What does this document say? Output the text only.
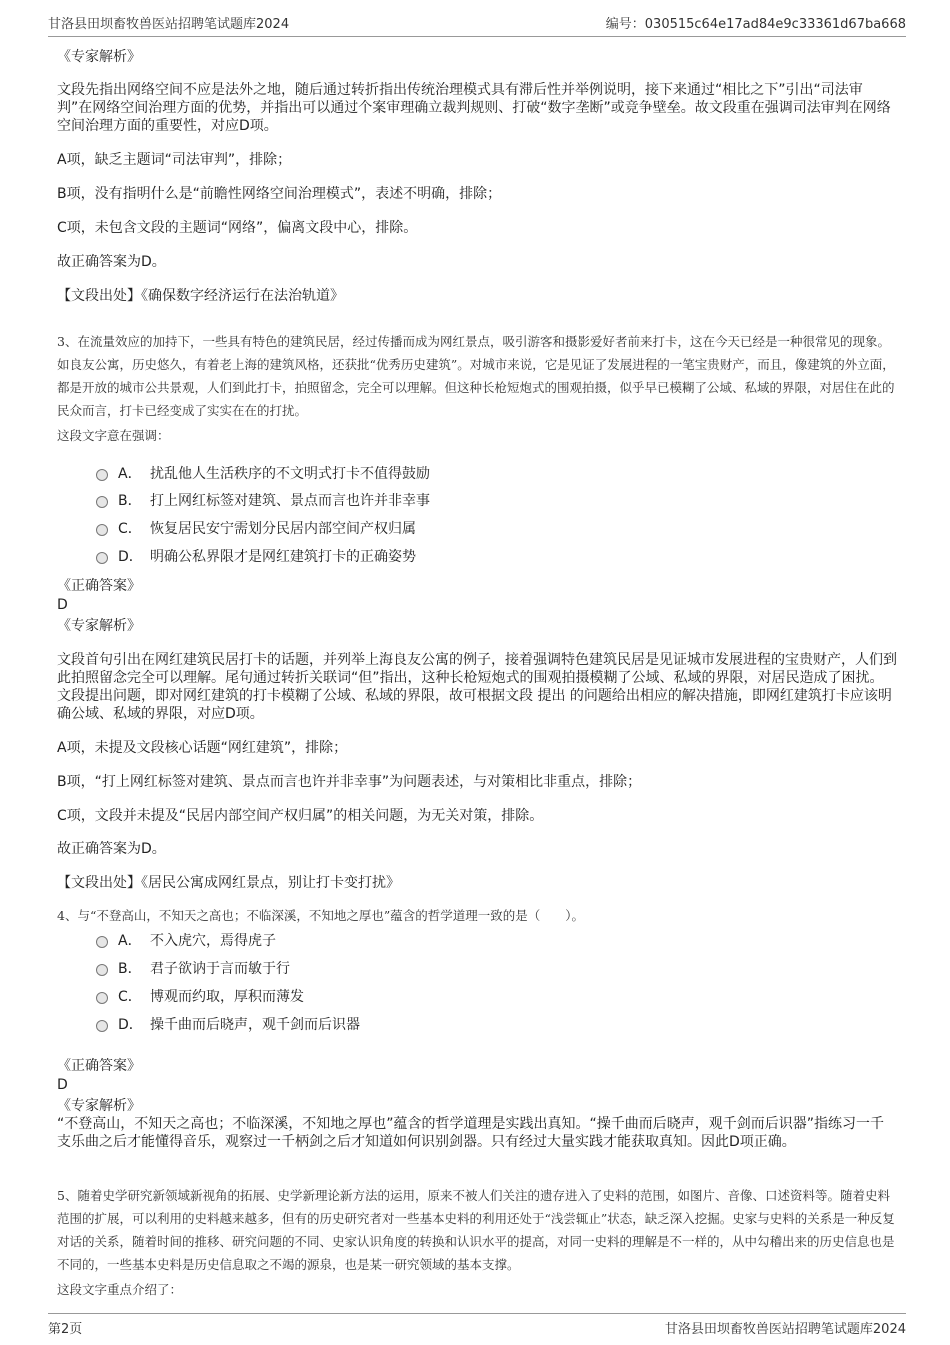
甘洛县田坝畜牧兽医站招聘笔试题库2024	编号：030515c64e17ad84e9c33361d67ba668

《专家解析》

文段先指出网络空间不应是法外之地，随后通过转折指出传统治理模式具有滞后性并举例说明，接下来通过“相比之下”引出“司法审判”在网络空间治理方面的优势，并指出可以通过个案审理确立裁判规则、打破“数字垄断”或竞争壁垒。故文段重在强调司法审判在网络空间治理方面的重要性，对应D项。

A项，缺乏主题词“司法审判”，排除；

B项，没有指明什么是“前瞻性网络空间治理模式”，表述不明确，排除；

C项，未包含文段的主题词“网络”，偏离文段中心，排除。

故正确答案为D。

【文段出处】《确保数字经济运行在法治轨道》

3、在流量效应的加持下，一些具有特色的建筑民居，经过传播而成为网红景点，吸引游客和摄影爱好者前来打卡，这在今天已经是一种很常见的现象。如良友公寓，历史悠久，有着老上海的建筑风格，还获批“优秀历史建筑”。对城市来说，它是见证了发展进程的一笔宝贵财产，而且，像建筑的外立面，都是开放的城市公共景观，人们到此打卡，拍照留念，完全可以理解。但这种长枪短炮式的围观拍摄，似乎早已模糊了公域、私域的界限，对居住在此的民众而言，打卡已经变成了实实在在的打扰。

这段文字意在强调：

A． 扰乱他人生活秩序的不文明式打卡不值得鼓励
B． 打上网红标签对建筑、景点而言也许并非幸事
C． 恢复居民安宁需划分民居内部空间产权归属
D． 明确公私界限才是网红建筑打卡的正确姿势

《正确答案》

D

《专家解析》

文段首句引出在网红建筑民居打卡的话题，并列举上海良友公寓的例子，接着强调特色建筑民居是见证城市发展进程的宝贵财产，人们到此拍照留念完全可以理解。尾句通过转折关联词“但”指出，这种长枪短炮式的围观拍摄模糊了公域、私域的界限，对居民造成了困扰。文段提出问题，即对网红建筑的打卡模糊了公域、私域的界限，故可根据文段 提出 的问题给出相应的解决措施，即网红建筑打卡应该明确公域、私域的界限，对应D项。

A项，未提及文段核心话题“网红建筑”，排除；

B项，“打上网红标签对建筑、景点而言也许并非幸事”为问题表述，与对策相比非重点，排除；

C项，文段并未提及“民居内部空间产权归属”的相关问题，为无关对策，排除。

故正确答案为D。

【文段出处】《居民公寓成网红景点，别让打卡变打扰》

4、与“不登高山，不知天之高也；不临深溪，不知地之厚也”蕴含的哲学道理一致的是（　　）。

A． 不入虎穴，焉得虎子
B． 君子欲讷于言而敏于行
C． 博观而约取，厚积而薄发
D． 操千曲而后晓声，观千剑而后识器

《正确答案》

D

《专家解析》

“不登高山，不知天之高也；不临深溪，不知地之厚也”蕴含的哲学道理是实践出真知。“操千曲而后晓声，观千剑而后识器”指练习一千支乐曲之后才能懂得音乐，观察过一千柄剑之后才知道如何识别剑器。只有经过大量实践才能获取真知。因此D项正确。

5、随着史学研究新领域新视角的拓展、史学新理论新方法的运用，原来不被人们关注的遗存进入了史料的范围，如图片、音像、口述资料等。随着史料范围的扩展，可以利用的史料越来越多，但有的历史研究者对一些基本史料的利用还处于“浅尝辄止”状态，缺乏深入挖掘。史家与史料的关系是一种反复对话的关系，随着时间的推移、研究问题的不同、史家认识角度的转换和认识水平的提高，对同一史料的理解是不一样的，从中勾稽出来的历史信息也是不同的，一些基本史料是历史信息取之不竭的源泉，也是某一研究领域的基本支撑。

这段文字重点介绍了：

第2页	甘洛县田坝畜牧兽医站招聘笔试题库2024
